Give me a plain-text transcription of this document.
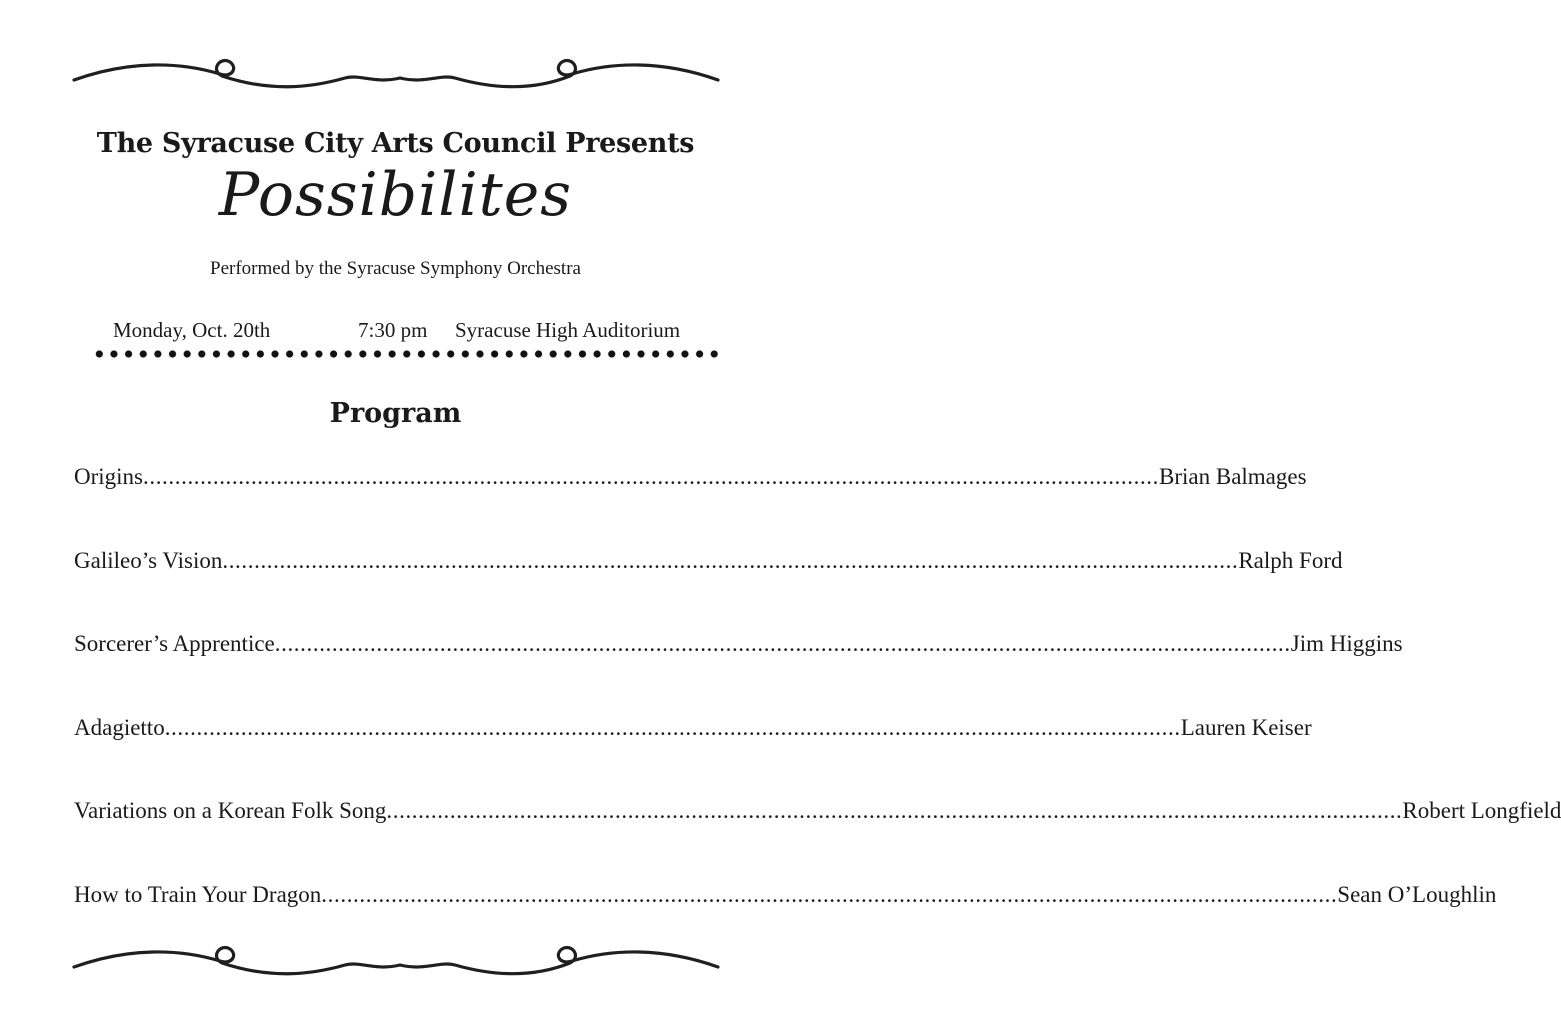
The Syracuse City Arts Council Presents
Possibilites
Performed by the Syracuse Symphony Orchestra
Monday, Oct. 20th	7:30 pm Syracuse High Auditorium
Program
Origins ................................................................................................................................................................ Brian Balmages
Galileo’s Vision ................................................................................................................................................................ Ralph Ford
Sorcerer’s Apprentice ................................................................................................................................................................ Jim Higgins
Adagietto ................................................................................................................................................................ Lauren Keiser
Variations on a Korean Folk Song ................................................................................................................................................................ Robert Longfield
How to Train Your Dragon ................................................................................................................................................................ Sean O’Loughlin
